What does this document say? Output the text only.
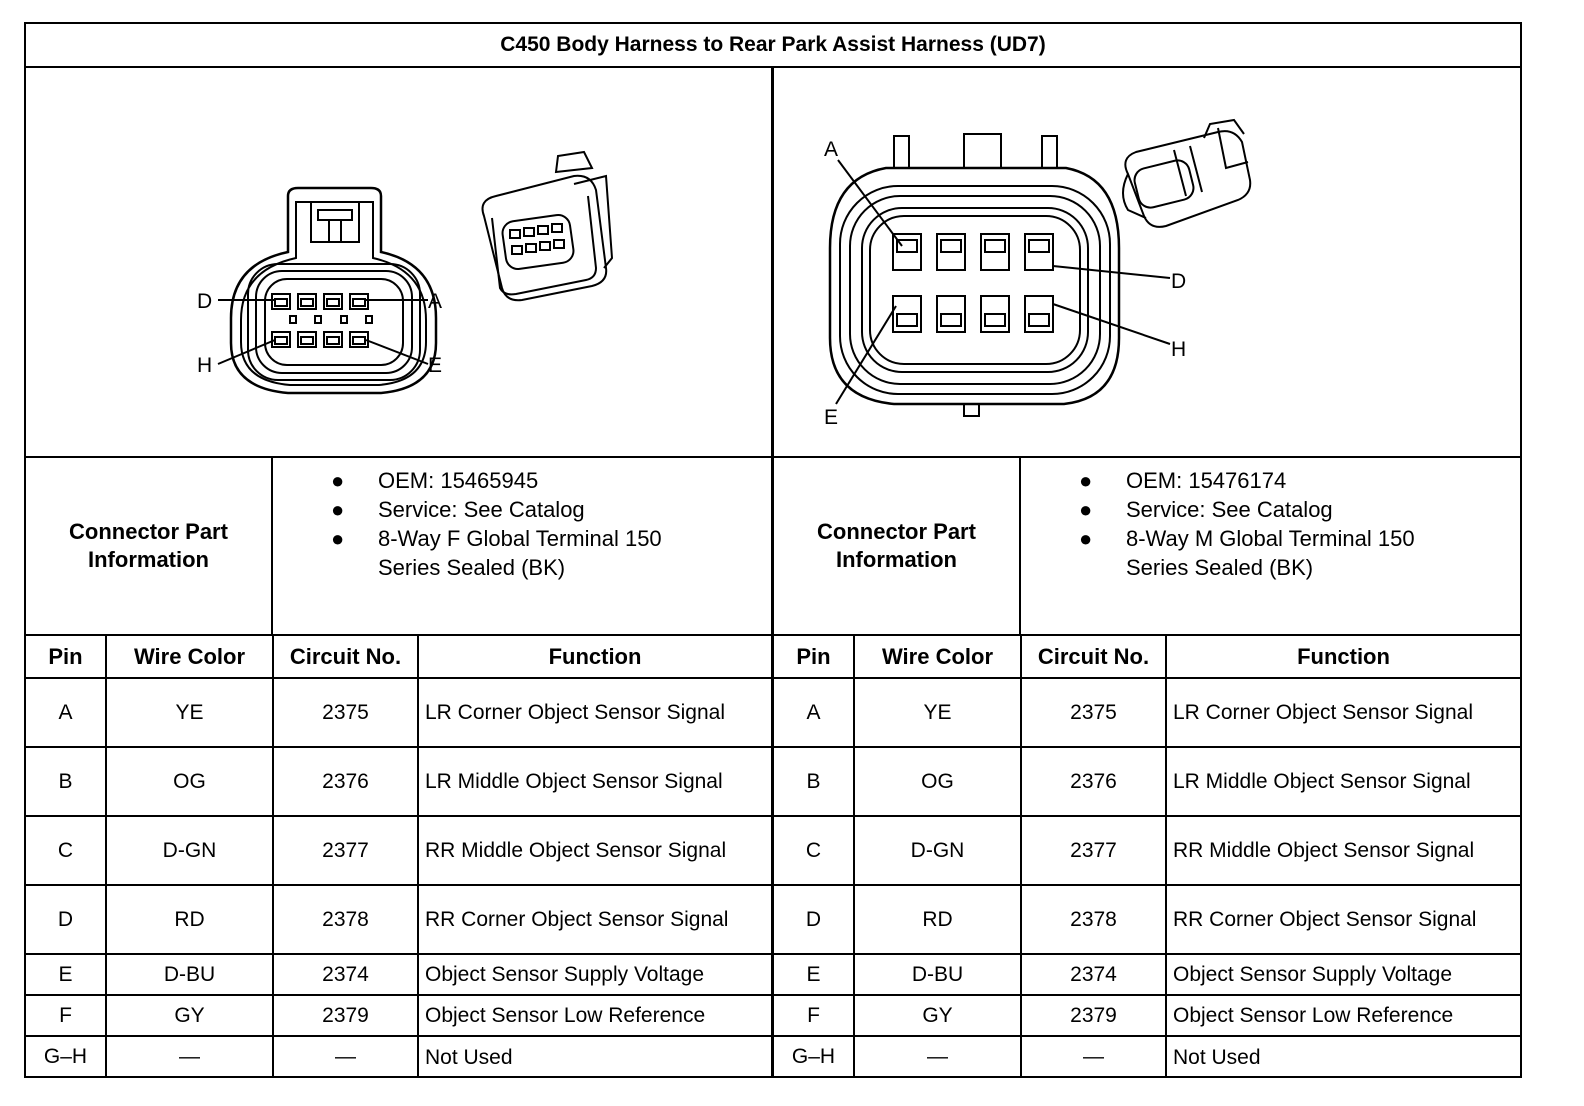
C450 Body Harness to Rear Park Assist Harness (UD7)
D	A
H	E
Connector Part Information
● OEM: 15465945
● Service: See Catalog
● 8-Way F Global Terminal 150 Series Sealed (BK)
Pin	Wire Color	Circuit No.	Function
A	YE	2375	LR Corner Object Sensor Signal
B	OG	2376	LR Middle Object Sensor Signal
C	D-GN	2377	RR Middle Object Sensor Signal
D	RD	2378	RR Corner Object Sensor Signal
E	D-BU	2374	Object Sensor Supply Voltage
F	GY	2379	Object Sensor Low Reference
G–H	—	—	Not Used
A
D
H
E
Connector Part Information
● OEM: 15476174
● Service: See Catalog
● 8-Way M Global Terminal 150 Series Sealed (BK)
Pin	Wire Color	Circuit No.	Function
A	YE	2375	LR Corner Object Sensor Signal
B	OG	2376	LR Middle Object Sensor Signal
C	D-GN	2377	RR Middle Object Sensor Signal
D	RD	2378	RR Corner Object Sensor Signal
E	D-BU	2374	Object Sensor Supply Voltage
F	GY	2379	Object Sensor Low Reference
G–H	—	—	Not Used
